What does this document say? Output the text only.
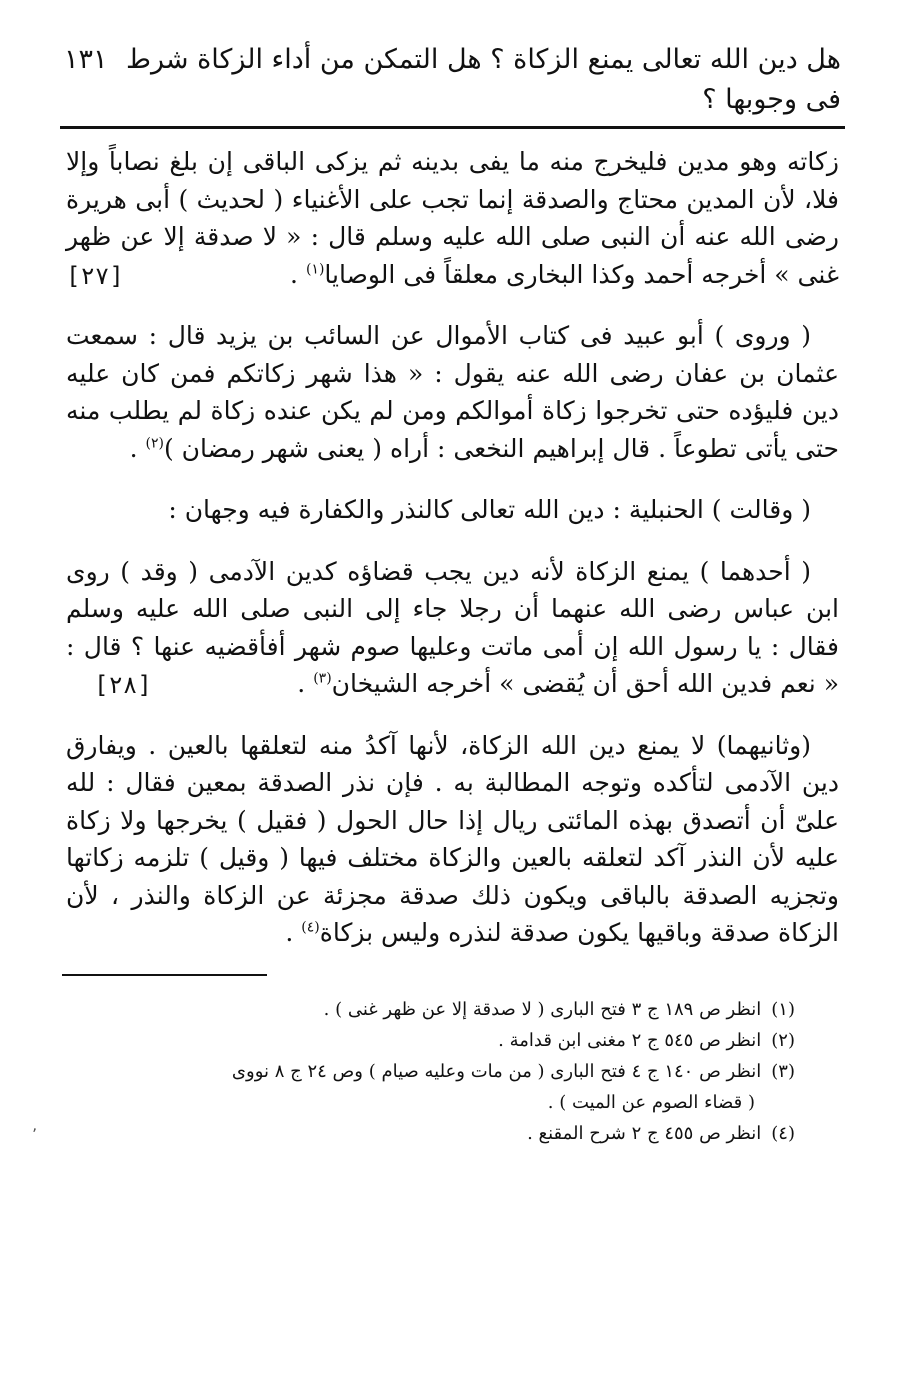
٬
هل دين الله تعالى يمنع الزكاة ؟ هل التمكن من أداء الزكاة شرط فى وجوبها ؟
١٣١

زكاته وهو مدين فليخرج منه ما يفى بدينه ثم يزكى الباقى إن بلغ نصاباً وإلا فلا، لأن المدين محتاج والصدقة إنما تجب على الأغنياء ( لحديث ) أبى هريرة رضى الله عنه أن النبى صلى الله عليه وسلم قال : « لا صدقة إلا عن ظهر غنى » أخرجه أحمد وكذا البخارى معلقاً فى الوصايا$^{(١)}$ .
[٢٧]

( وروى ) أبو عبيد فى كتاب الأموال عن السائب بن يزيد قال : سمعت عثمان بن عفان رضى الله عنه يقول : « هذا شهر زكاتكم فمن كان عليه دين فليؤده حتى تخرجوا زكاة أموالكم ومن لم يكن عنده زكاة لم يطلب منه حتى يأتى تطوعاً . قال إبراهيم النخعى : أراه ( يعنى شهر رمضان )$^{(٢)}$ .

( وقالت ) الحنبلية : دين الله تعالى كالنذر والكفارة فيه وجهان :

( أحدهما ) يمنع الزكاة لأنه دين يجب قضاؤه كدين الآدمى ( وقد ) روى ابن عباس رضى الله عنهما أن رجلا جاء إلى النبى صلى الله عليه وسلم فقال : يا رسول الله إن أمى ماتت وعليها صوم شهر أفأقضيه عنها ؟ قال : « نعم فدين الله أحق أن يُقضى » أخرجه الشيخان$^{(٣)}$ .
[٢٨]

(وثانيهما) لا يمنع دين الله الزكاة، لأنها آكدُ منه لتعلقها بالعين . ويفارق دين الآدمى لتأكده وتوجه المطالبة به . فإن نذر الصدقة بمعين فقال : لله علىّ أن أتصدق بهذه المائتى ريال إذا حال الحول ( فقيل ) يخرجها ولا زكاة عليه لأن النذر آكد لتعلقه بالعين والزكاة مختلف فيها ( وقيل ) تلزمه زكاتها وتجزيه الصدقة بالباقى ويكون ذلك صدقة مجزئة عن الزكاة والنذر ، لأن الزكاة صدقة وباقيها يكون صدقة لنذره وليس بزكاة$^{(٤)}$ .

(١)انظر ص ١٨٩ ج ٣ فتح البارى ( لا صدقة إلا عن ظهر غنى ) .

(٢)انظر ص ٥٤٥ ج ٢ مغنى ابن قدامة .

(٣)انظر ص ١٤٠ ج ٤ فتح البارى ( من مات وعليه صيام ) وص ٢٤ ج ٨ نووى
( قضاء الصوم عن الميت ) .

(٤)انظر ص ٤٥٥ ج ٢ شرح المقنع .
